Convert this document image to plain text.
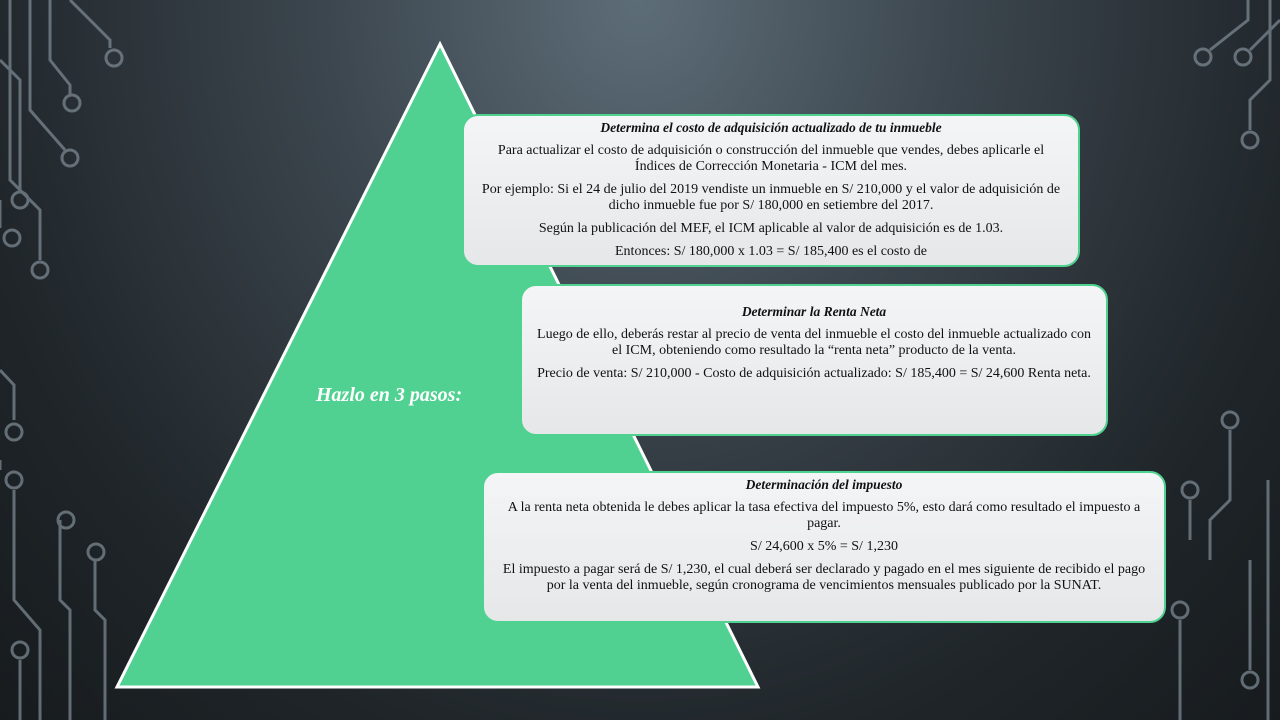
Hazlo en 3 pasos:

Determina el costo de adquisición actualizado de tu inmueble

Para actualizar el costo de adquisición o construcción del inmueble que vendes, debes aplicarle el Índices de Corrección Monetaria - ICM del mes.

Por ejemplo: Si el 24 de julio del 2019 vendiste un inmueble en S/ 210,000 y el valor de adquisición de dicho inmueble fue por S/ 180,000 en setiembre del 2017.

Según la publicación del MEF, el ICM aplicable al valor de adquisición es de 1.03.

Entonces: S/ 180,000 x 1.03 = S/ 185,400 es el costo de

Determinar la Renta Neta

Luego de ello, deberás restar al precio de venta del inmueble el costo del inmueble actualizado con el ICM, obteniendo como resultado la “renta neta” producto de la venta.

Precio de venta: S/ 210,000 - Costo de adquisición actualizado: S/ 185,400 = S/ 24,600 Renta neta.

Determinación del impuesto

A la renta neta obtenida le debes aplicar la tasa efectiva del impuesto 5%, esto dará como resultado el impuesto a pagar.

S/ 24,600 x 5% = S/ 1,230

El impuesto a pagar será de S/ 1,230, el cual deberá ser declarado y pagado en el mes siguiente de recibido el pago por la venta del inmueble, según cronograma de vencimientos mensuales publicado por la SUNAT.
